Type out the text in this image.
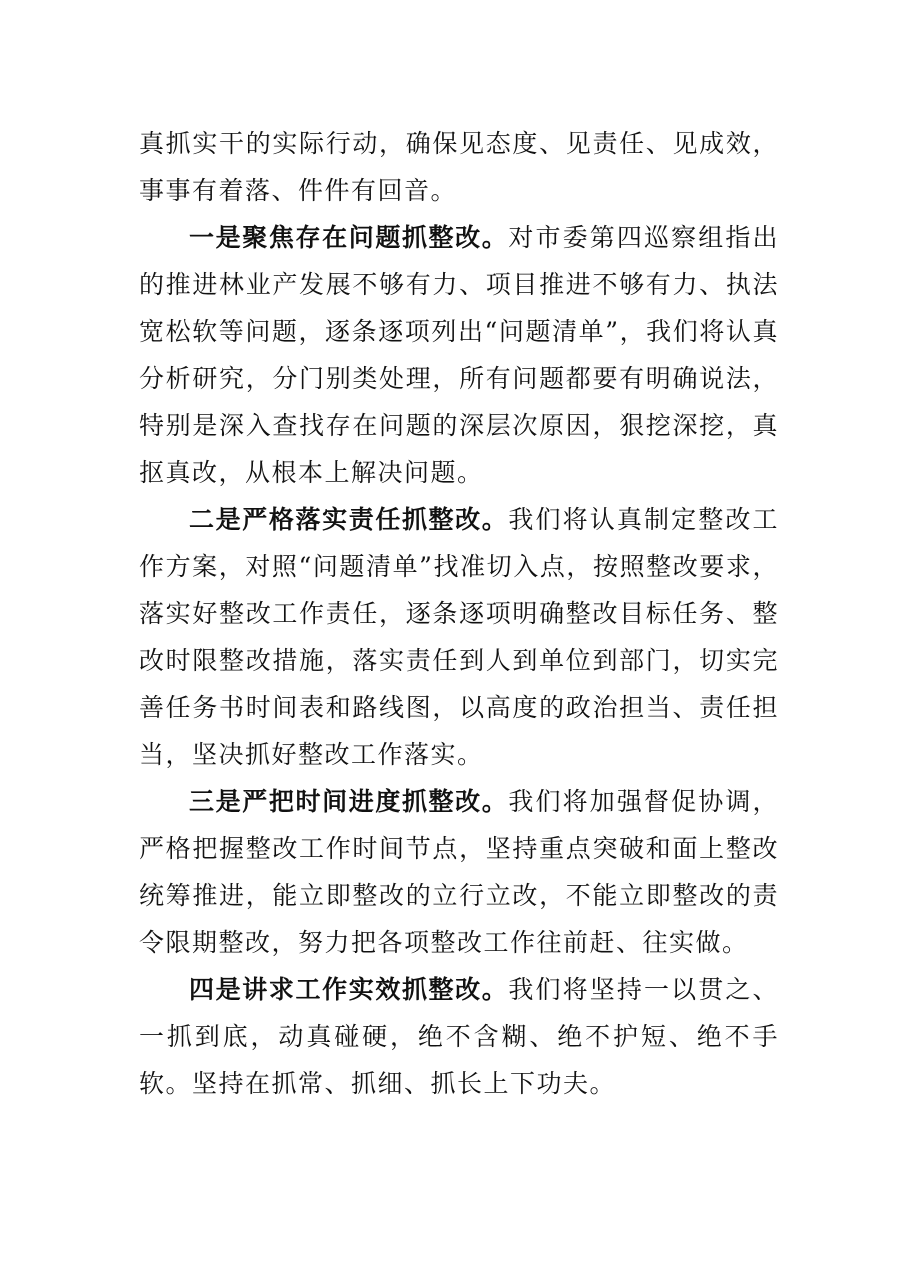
真抓实干的实际行动，确保见态度、见责任、见成效，事事有着落、件件有回音。

一是聚焦存在问题抓整改。对市委第四巡察组指出的推进林业产发展不够有力、项目推进不够有力、执法宽松软等问题，逐条逐项列出“问题清单”，我们将认真分析研究，分门别类处理，所有问题都要有明确说法，特别是深入查找存在问题的深层次原因，狠挖深挖，真抠真改，从根本上解决问题。

二是严格落实责任抓整改。我们将认真制定整改工作方案，对照“问题清单”找准切入点，按照整改要求，落实好整改工作责任，逐条逐项明确整改目标任务、整改时限整改措施，落实责任到人到单位到部门，切实完善任务书时间表和路线图，以高度的政治担当、责任担当，坚决抓好整改工作落实。

三是严把时间进度抓整改。我们将加强督促协调，严格把握整改工作时间节点，坚持重点突破和面上整改统筹推进，能立即整改的立行立改，不能立即整改的责令限期整改，努力把各项整改工作往前赶、往实做。

四是讲求工作实效抓整改。我们将坚持一以贯之、一抓到底，动真碰硬，绝不含糊、绝不护短、绝不手软。坚持在抓常、抓细、抓长上下功夫。
